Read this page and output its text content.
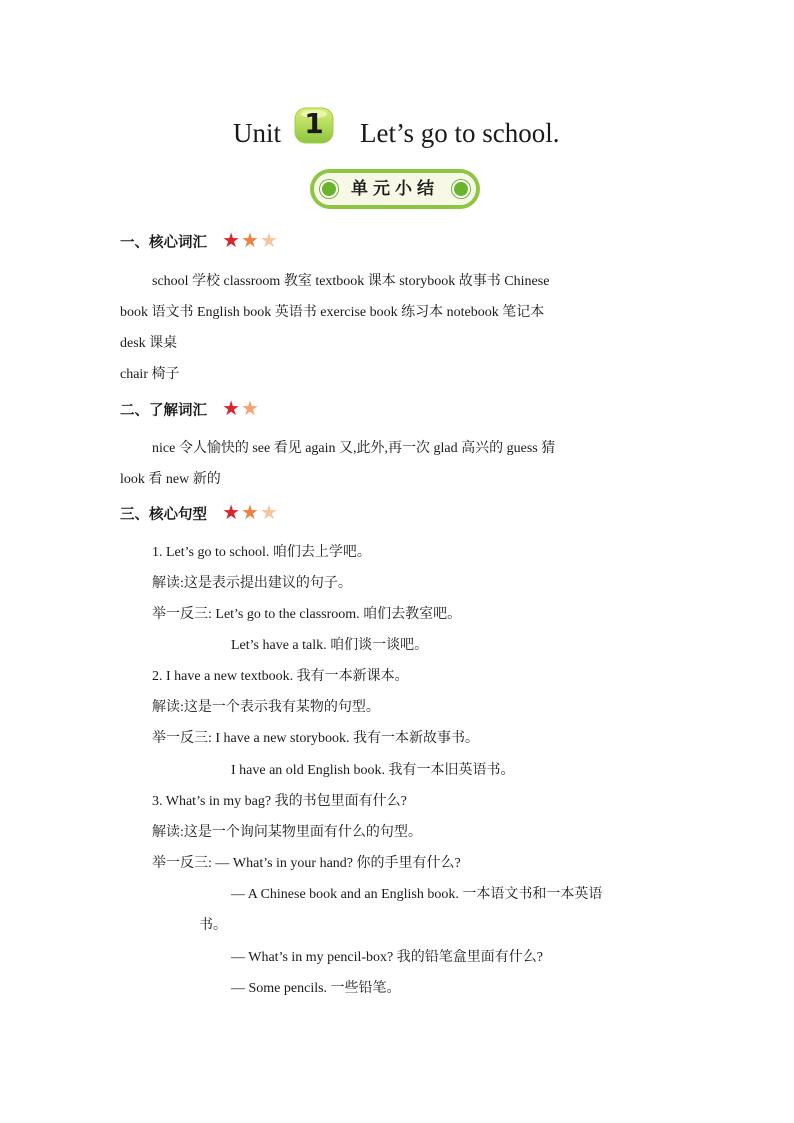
Unit 1	Let’s go to school.
单元小结
一、核心词汇 ★★★
school 学校 classroom 教室 textbook 课本 storybook 故事书 Chinese
book 语文书 English book 英语书 exercise book 练习本 notebook 笔记本
desk 课桌
chair 椅子
二、了解词汇 ★★
nice 令人愉快的 see 看见 again 又,此外,再一次 glad 高兴的 guess 猜
look 看 new 新的
三、核心句型 ★★★
1. Let’s go to school. 咱们去上学吧。
解读:这是表示提出建议的句子。
举一反三: Let’s go to the classroom. 咱们去教室吧。
Let’s have a talk. 咱们谈一谈吧。
2. I have a new textbook. 我有一本新课本。
解读:这是一个表示我有某物的句型。
举一反三: I have a new storybook. 我有一本新故事书。
I have an old English book. 我有一本旧英语书。
3. What’s in my bag? 我的书包里面有什么?
解读:这是一个询问某物里面有什么的句型。
举一反三: — What’s in your hand? 你的手里有什么?
— A Chinese book and an English book. 一本语文书和一本英语
书。
— What’s in my pencil-box? 我的铅笔盒里面有什么?
— Some pencils. 一些铅笔。
